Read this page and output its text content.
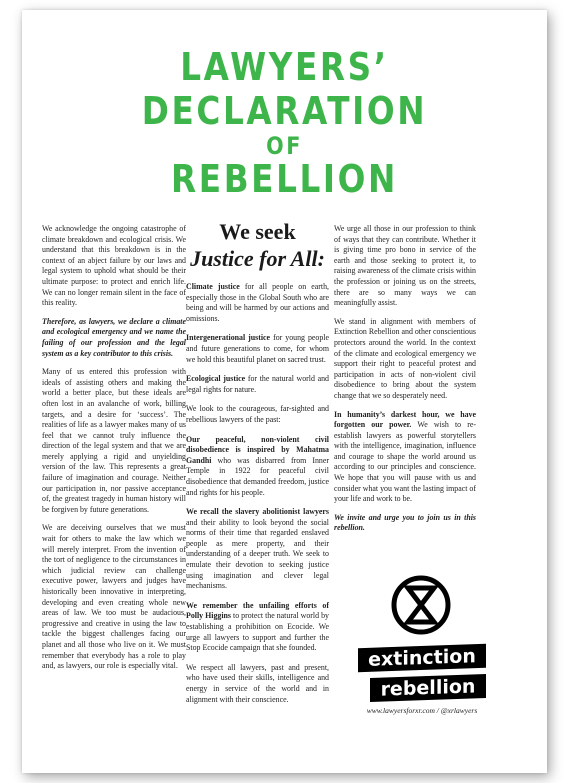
LAWYERS’
DECLARATION
OF
REBELLION

We acknowledge the ongoing catastrophe of climate breakdown and ecological crisis. We understand that this breakdown is in the context of an abject failure by our laws and legal system to uphold what should be their ultimate purpose: to protect and enrich life. We can no longer remain silent in the face of this reality.

Therefore, as lawyers, we declare a climate and ecological emergency and we name the failing of our profession and the legal system as a key contributor to this crisis.

Many of us entered this profession with ideals of assisting others and making the world a better place, but these ideals are often lost in an avalanche of work, billing targets, and a desire for ‘success’. The realities of life as a lawyer makes many of us feel that we cannot truly influence the direction of the legal system and that we are merely applying a rigid and unyielding version of the law. This represents a great failure of imagination and courage. Neither our participation in, nor passive acceptance of, the greatest tragedy in human history will be forgiven by future generations.

We are deceiving ourselves that we must wait for others to make the law which we will merely interpret. From the invention of the tort of negligence to the circumstances in which judicial review can challenge executive power, lawyers and judges have historically been innovative in interpreting, developing and even creating whole new areas of law. We too must be audacious, progressive and creative in using the law to tackle the biggest challenges facing our planet and all those who live on it. We must remember that everybody has a role to play and, as lawyers, our role is especially vital.

We seek
Justice for All:

Climate justice for all people on earth, especially those in the Global South who are being and will be harmed by our actions and omissions.

Intergenerational justice for young people and future generations to come, for whom we hold this beautiful planet on sacred trust.

Ecological justice for the natural world and legal rights for nature.

We look to the courageous, far-sighted and rebellious lawyers of the past:

Our peaceful, non-violent civil disobedience is inspired by Mahatma Gandhi who was disbarred from Inner Temple in 1922 for peaceful civil disobedience that demanded freedom, justice and rights for his people.

We recall the slavery abolitionist lawyers and their ability to look beyond the social norms of their time that regarded enslaved people as mere property, and their understanding of a deeper truth. We seek to emulate their devotion to seeking justice using imagination and clever legal mechanisms.

We remember the unfailing efforts of Polly Higgins to protect the natural world by establishing a prohibition on Ecocide. We urge all lawyers to support and further the Stop Ecocide campaign that she founded.

We respect all lawyers, past and present, who have used their skills, intelligence and energy in service of the world and in alignment with their conscience.

We urge all those in our profession to think of ways that they can contribute. Whether it is giving time pro bono in service of the earth and those seeking to protect it, to raising awareness of the climate crisis within the profession or joining us on the streets, there are so many ways we can meaningfully assist.

We stand in alignment with members of Extinction Rebellion and other conscientious protectors around the world. In the context of the climate and ecological emergency we support their right to peaceful protest and participation in acts of non-violent civil disobedience to bring about the system change that we so desperately need.

In humanity’s darkest hour, we have forgotten our power. We wish to re-establish lawyers as powerful storytellers with the intelligence, imagination, influence and courage to shape the world around us according to our principles and conscience. We hope that you will pause with us and consider what you want the lasting impact of your life and work to be.

We invite and urge you to join us in this rebellion.

extinction
rebellion
www.lawyersforxr.com / @xrlawyers
